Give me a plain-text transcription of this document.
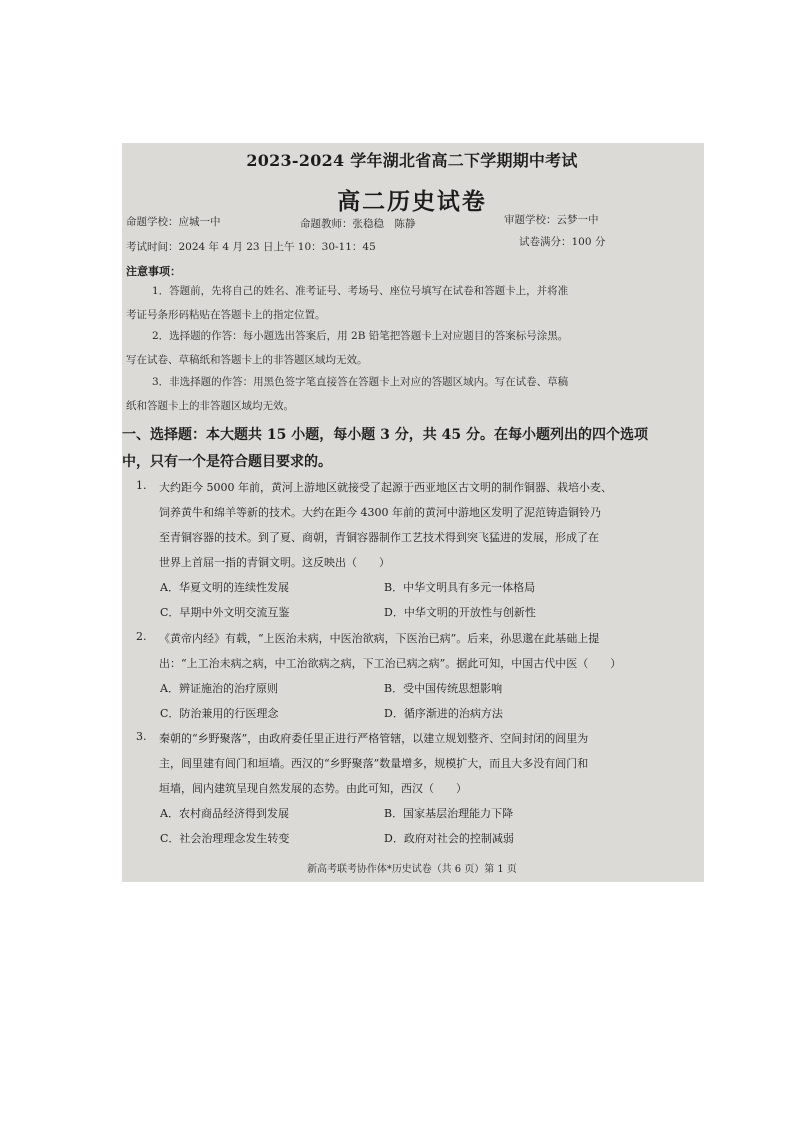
2023-2024 学年湖北省高二下学期期中考试
高二历史试卷
命题学校：应城一中	命题教师：张稳稳　陈静	审题学校：云梦一中
考试时间：2024 年 4 月 23 日上午 10：30-11：45	试卷满分：100 分
注意事项：
1．答题前，先将自己的姓名、准考证号、考场号、座位号填写在试卷和答题卡上，并将准
考证号条形码粘贴在答题卡上的指定位置。
2．选择题的作答：每小题选出答案后，用 2B 铅笔把答题卡上对应题目的答案标号涂黑。
写在试卷、草稿纸和答题卡上的非答题区域均无效。
3．非选择题的作答：用黑色签字笔直接答在答题卡上对应的答题区域内。写在试卷、草稿
纸和答题卡上的非答题区域均无效。
一、选择题：本大题共 15 小题，每小题 3 分，共 45 分。在每小题列出的四个选项
中，只有一个是符合题目要求的。
1. 大约距今 5000 年前，黄河上游地区就接受了起源于西亚地区古文明的制作铜器、栽培小麦、
饲养黄牛和绵羊等新的技术。大约在距今 4300 年前的黄河中游地区发明了泥范铸造铜铃乃
至青铜容器的技术。到了夏、商朝，青铜容器制作工艺技术得到突飞猛进的发展，形成了在
世界上首屈一指的青铜文明。这反映出（　　）
A．华夏文明的连续性发展	B．中华文明具有多元一体格局
C．早期中外文明交流互鉴	D．中华文明的开放性与创新性
2. 《黄帝内经》有载，“上医治未病，中医治欲病，下医治已病”。后来，孙思邈在此基础上提
出：“上工治未病之病，中工治欲病之病，下工治已病之病”。据此可知，中国古代中医（　　）
A．辨证施治的治疗原则	B．受中国传统思想影响
C．防治兼用的行医理念	D．循序渐进的治病方法
3. 秦朝的“乡野聚落”，由政府委任里正进行严格管辖，以建立规划整齐、空间封闭的闾里为
主，闾里建有闾门和垣墙。西汉的“乡野聚落”数量增多，规模扩大，而且大多没有闾门和
垣墙，闾内建筑呈现自然发展的态势。由此可知，西汉（　　）
A．农村商品经济得到发展	B．国家基层治理能力下降
C．社会治理理念发生转变	D．政府对社会的控制减弱
新高考联考协作体*历史试卷（共 6 页）第 1 页
